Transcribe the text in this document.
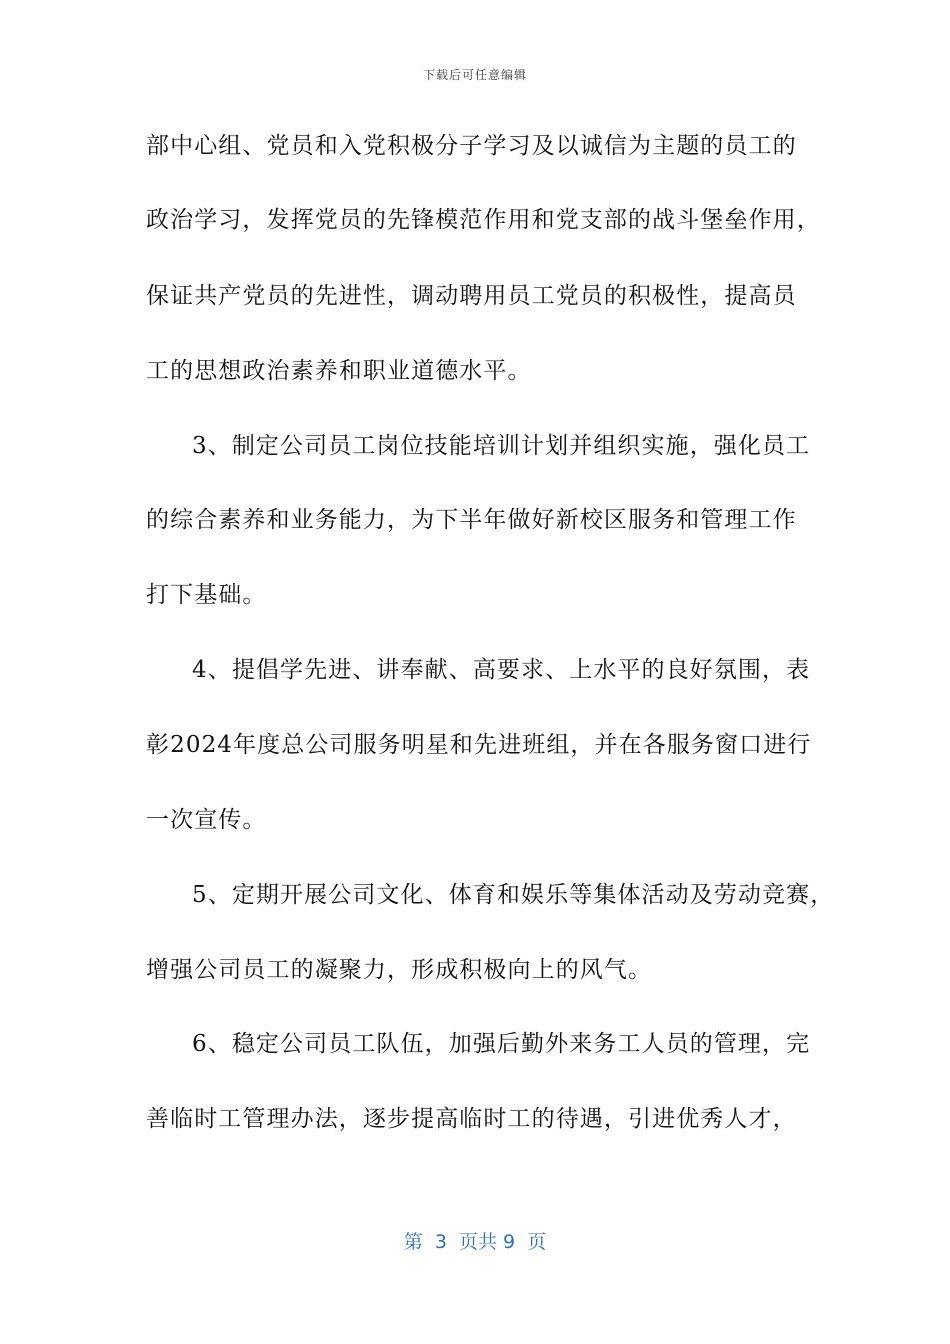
下载后可任意编辑
部中心组、党员和入党积极分子学习及以诚信为主题的员工的
政治学习，发挥党员的先锋模范作用和党支部的战斗堡垒作用，
保证共产党员的先进性，调动聘用员工党员的积极性，提高员
工的思想政治素养和职业道德水平。
3、制定公司员工岗位技能培训计划并组织实施，强化员工
的综合素养和业务能力，为下半年做好新校区服务和管理工作
打下基础。
4、提倡学先进、讲奉献、高要求、上水平的良好氛围，表
彰2024年度总公司服务明星和先进班组，并在各服务窗口进行
一次宣传。
5、定期开展公司文化、体育和娱乐等集体活动及劳动竞赛，
增强公司员工的凝聚力，形成积极向上的风气。
6、稳定公司员工队伍，加强后勤外来务工人员的管理，完
善临时工管理办法，逐步提高临时工的待遇，引进优秀人才，
第  3  页共 9  页
